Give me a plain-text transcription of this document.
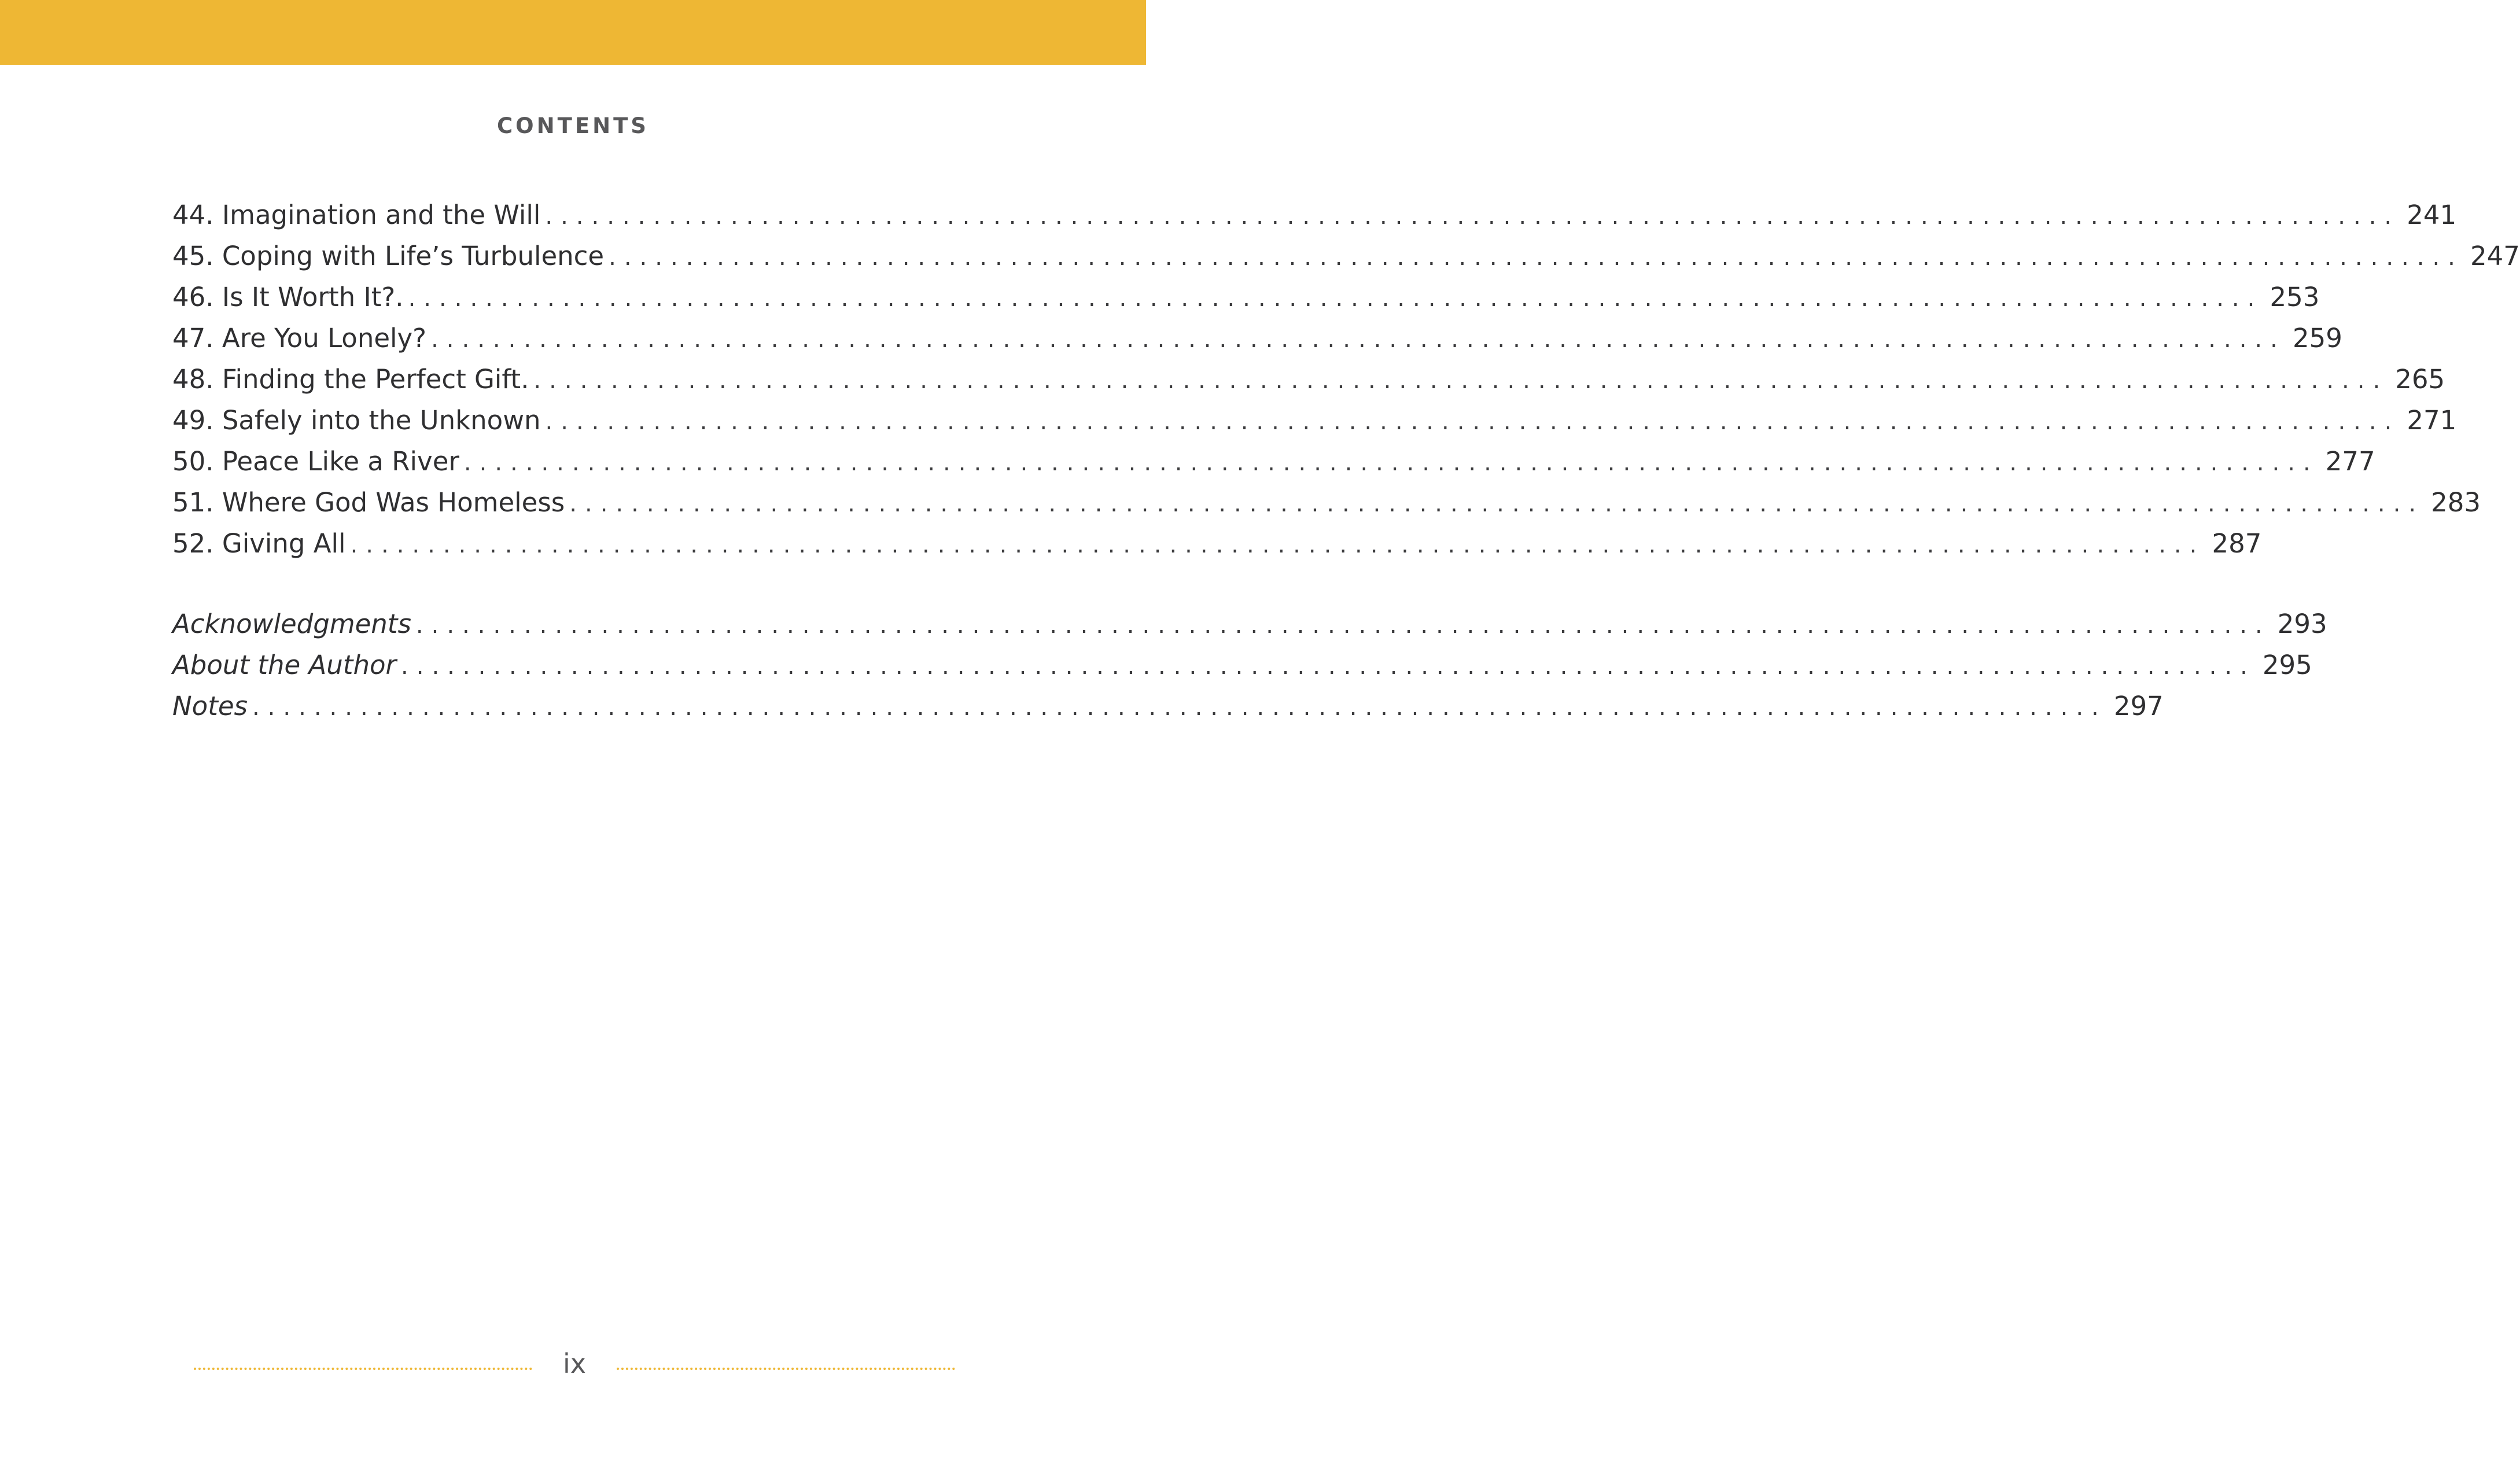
CONTENTS
44. Imagination and the Will ........................................................................................................................ 241
45. Coping with Life’s Turbulence ........................................................................................................................ 247
46. Is It Worth It?. ........................................................................................................................ 253
47. Are You Lonely? ........................................................................................................................ 259
48. Finding the Perfect Gift. ........................................................................................................................ 265
49. Safely into the Unknown ........................................................................................................................ 271
50. Peace Like a River ........................................................................................................................ 277
51. Where God Was Homeless ........................................................................................................................ 283
52. Giving All ........................................................................................................................ 287
Acknowledgments ........................................................................................................................ 293
About the Author ........................................................................................................................ 295
Notes ........................................................................................................................ 297
ix
